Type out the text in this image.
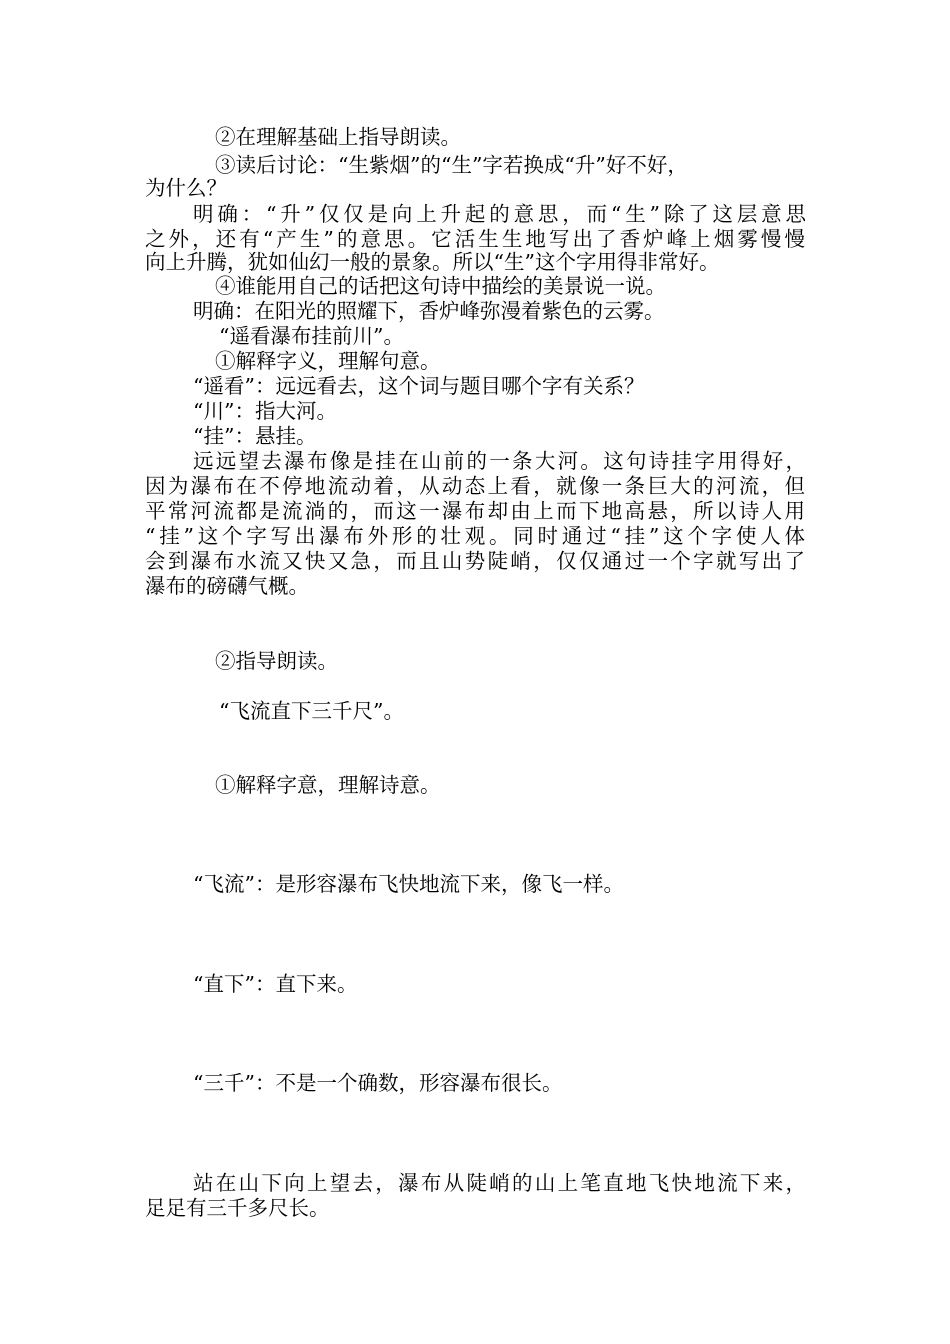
②在理解基础上指导朗读。

③读后讨论：“生紫烟”的“生”字若换成“升”好不好，

为什么？

明确：“升”仅仅是向上升起的意思，而“生”除了这层意思

之外，还有“产生”的意思。它活生生地写出了香炉峰上烟雾慢慢

向上升腾，犹如仙幻一般的景象。所以“生”这个字用得非常好。

④谁能用自己的话把这句诗中描绘的美景说一说。

明确：在阳光的照耀下，香炉峰弥漫着紫色的云雾。

“遥看瀑布挂前川”。

①解释字义，理解句意。

“遥看”：远远看去，这个词与题目哪个字有关系？

“川”：指大河。

“挂”：悬挂。

远远望去瀑布像是挂在山前的一条大河。这句诗挂字用得好，

因为瀑布在不停地流动着，从动态上看，就像一条巨大的河流，但

平常河流都是流淌的，而这一瀑布却由上而下地高悬，所以诗人用

“挂”这个字写出瀑布外形的壮观。同时通过“挂”这个字使人体

会到瀑布水流又快又急，而且山势陡峭，仅仅通过一个字就写出了

瀑布的磅礴气概。

②指导朗读。

“飞流直下三千尺”。

①解释字意，理解诗意。

“飞流”：是形容瀑布飞快地流下来，像飞一样。

“直下”：直下来。

“三千”：不是一个确数，形容瀑布很长。

站在山下向上望去，瀑布从陡峭的山上笔直地飞快地流下来，

足足有三千多尺长。
